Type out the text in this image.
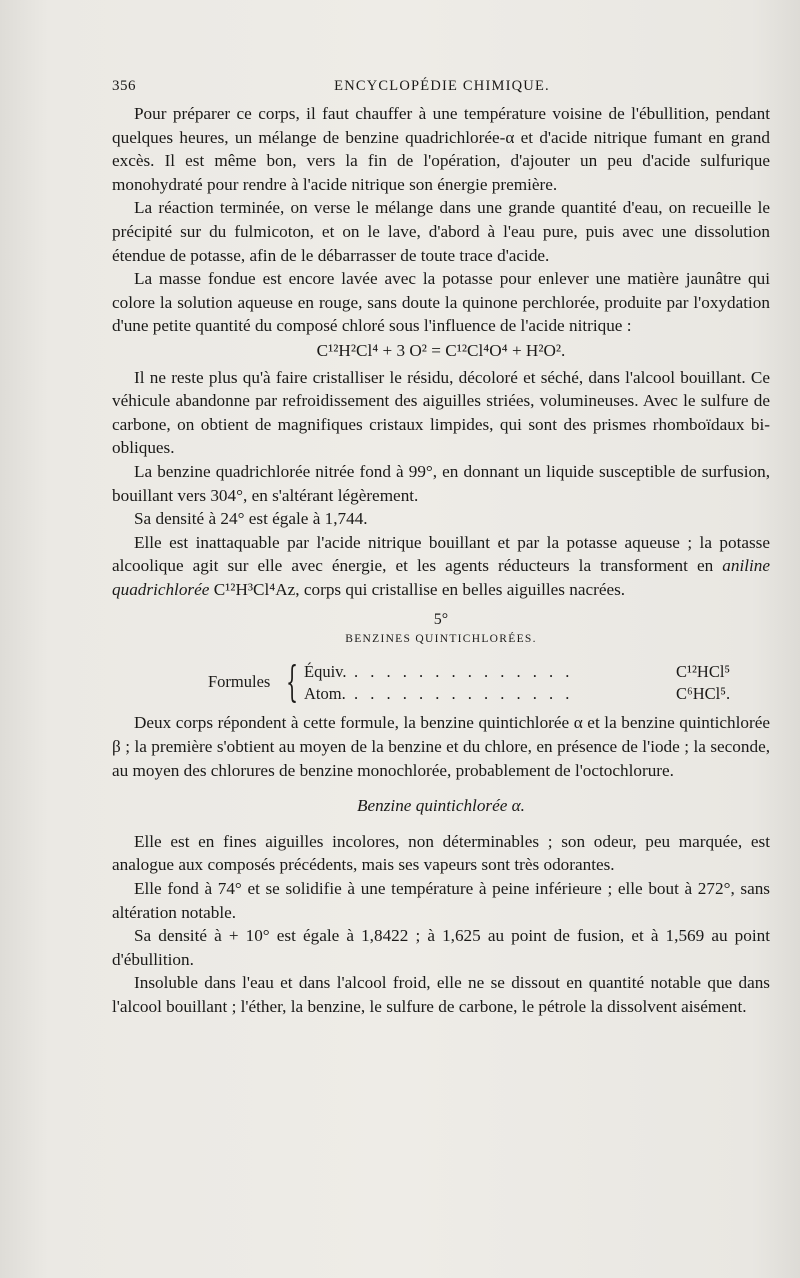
356	ENCYCLOPÉDIE CHIMIQUE.

Pour préparer ce corps, il faut chauffer à une température voisine de l'ébullition, pendant quelques heures, un mélange de benzine quadrichlorée-α et d'acide nitrique fumant en grand excès. Il est même bon, vers la fin de l'opération, d'ajouter un peu d'acide sulfurique monohydraté pour rendre à l'acide nitrique son énergie première.

La réaction terminée, on verse le mélange dans une grande quantité d'eau, on recueille le précipité sur du fulmicoton, et on le lave, d'abord à l'eau pure, puis avec une dissolution étendue de potasse, afin de le débarrasser de toute trace d'acide.

La masse fondue est encore lavée avec la potasse pour enlever une matière jaunâtre qui colore la solution aqueuse en rouge, sans doute la quinone perchlorée, produite par l'oxydation d'une petite quantité du composé chloré sous l'influence de l'acide nitrique :

C¹²H²Cl⁴ + 3 O² = C¹²Cl⁴O⁴ + H²O².

Il ne reste plus qu'à faire cristalliser le résidu, décoloré et séché, dans l'alcool bouillant. Ce véhicule abandonne par refroidissement des aiguilles striées, volumineuses. Avec le sulfure de carbone, on obtient de magnifiques cristaux limpides, qui sont des prismes rhomboïdaux bi-obliques.

La benzine quadrichlorée nitrée fond à 99°, en donnant un liquide susceptible de surfusion, bouillant vers 304°, en s'altérant légèrement.

Sa densité à 24° est égale à 1,744.

Elle est inattaquable par l'acide nitrique bouillant et par la potasse aqueuse ; la potasse alcoolique agit sur elle avec énergie, et les agents réducteurs la transforment en aniline quadrichlorée C¹²H³Cl⁴Az, corps qui cristallise en belles aiguilles nacrées.

5°
BENZINES QUINTICHLORÉES.
Formules { Équiv. . . . . . . . . . . . . . .	C¹²HCl⁵
Atom. . . . . . . . . . . . . . .	C⁶HCl⁵.

Deux corps répondent à cette formule, la benzine quintichlorée α et la benzine quintichlorée β ; la première s'obtient au moyen de la benzine et du chlore, en présence de l'iode ; la seconde, au moyen des chlorures de benzine monochlorée, probablement de l'octochlorure.

Benzine quintichlorée α.

Elle est en fines aiguilles incolores, non déterminables ; son odeur, peu marquée, est analogue aux composés précédents, mais ses vapeurs sont très odorantes.

Elle fond à 74° et se solidifie à une température à peine inférieure ; elle bout à 272°, sans altération notable.

Sa densité à + 10° est égale à 1,8422 ; à 1,625 au point de fusion, et à 1,569 au point d'ébullition.

Insoluble dans l'eau et dans l'alcool froid, elle ne se dissout en quantité notable que dans l'alcool bouillant ; l'éther, la benzine, le sulfure de carbone, le pétrole la dissolvent aisément.
